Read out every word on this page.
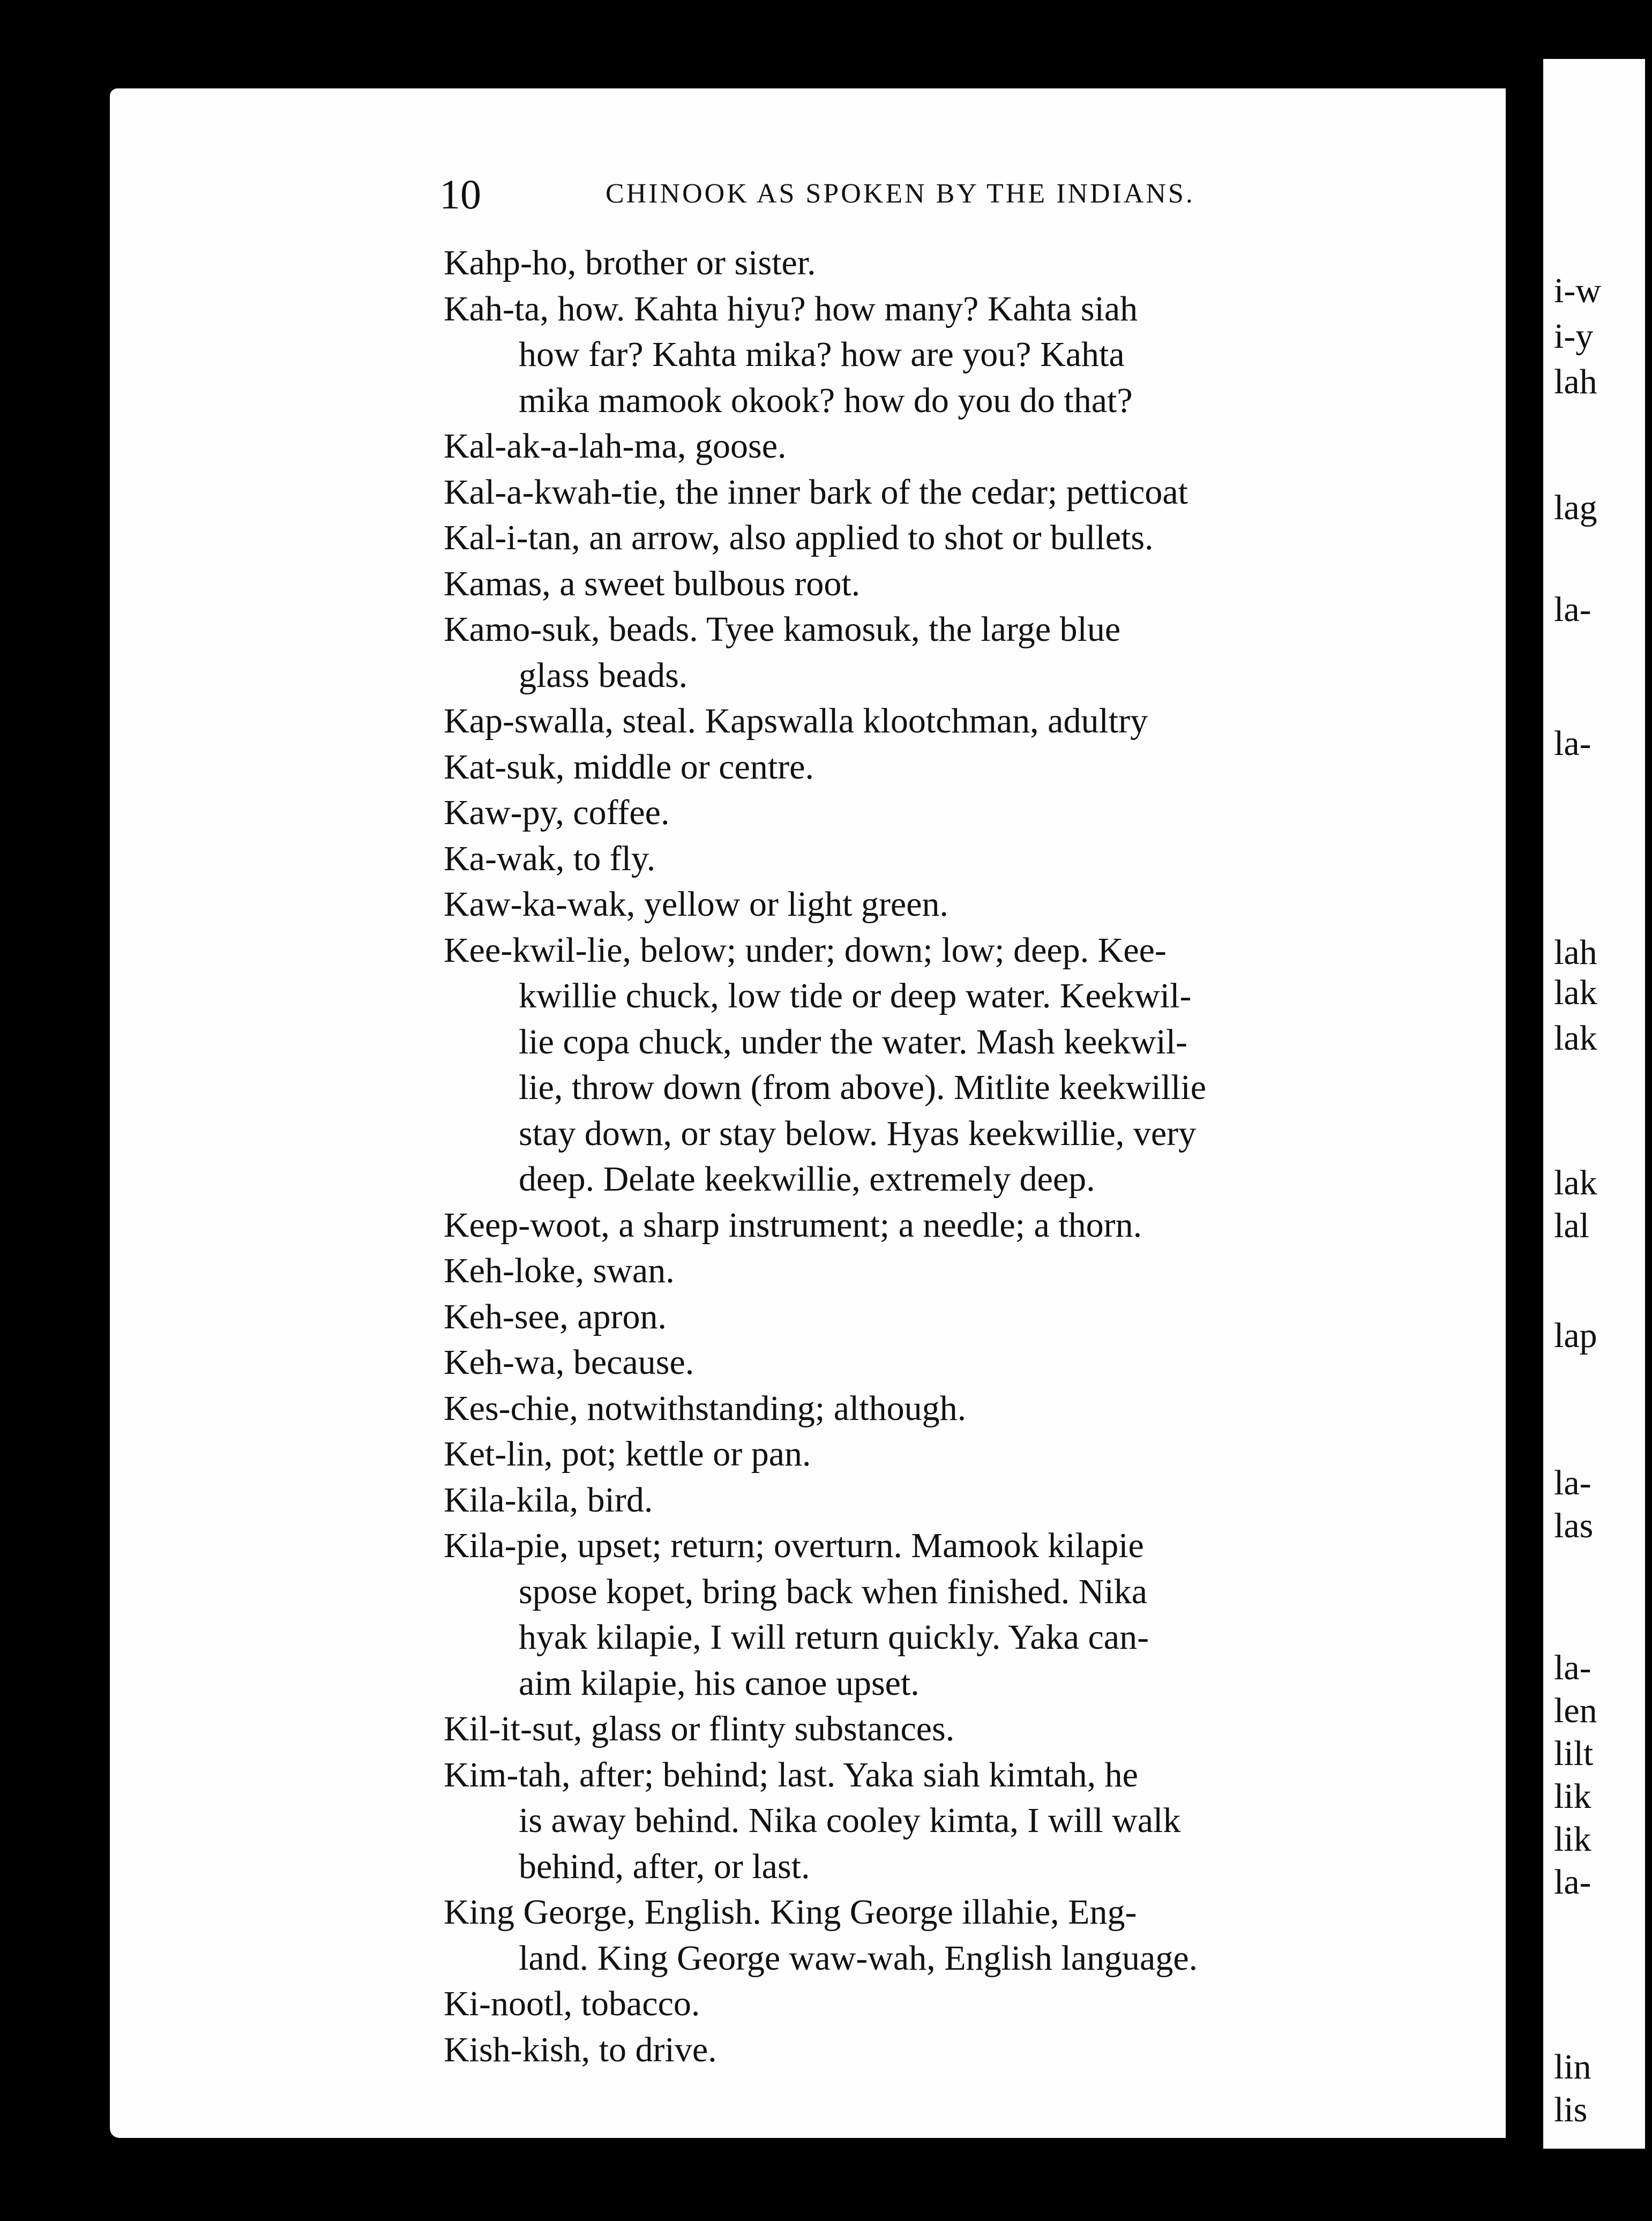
i-w
i-y
lah
lag
la-
la-
lah
lak
lak
lak
lal
lap
la-
las
la-
len
lilt
lik
lik
la-
lin
lis
10	CHINOOK AS SPOKEN BY THE INDIANS.
Kahp-ho, brother or sister.
Kah-ta, how. Kahta hiyu? how many? Kahta siah
how far? Kahta mika? how are you? Kahta
mika mamook okook? how do you do that?
Kal-ak-a-lah-ma, goose.
Kal-a-kwah-tie, the inner bark of the cedar; petticoat
Kal-i-tan, an arrow, also applied to shot or bullets.
Kamas, a sweet bulbous root.
Kamo-suk, beads. Tyee kamosuk, the large blue
glass beads.
Kap-swalla, steal. Kapswalla klootchman, adultry
Kat-suk, middle or centre.
Kaw-py, coffee.
Ka-wak, to fly.
Kaw-ka-wak, yellow or light green.
Kee-kwil-lie, below; under; down; low; deep. Kee-
kwillie chuck, low tide or deep water. Keekwil-
lie copa chuck, under the water. Mash keekwil-
lie, throw down (from above). Mitlite keekwillie
stay down, or stay below. Hyas keekwillie, very
deep. Delate keekwillie, extremely deep.
Keep-woot, a sharp instrument; a needle; a thorn.
Keh-loke, swan.
Keh-see, apron.
Keh-wa, because.
Kes-chie, notwithstanding; although.
Ket-lin, pot; kettle or pan.
Kila-kila, bird.
Kila-pie, upset; return; overturn. Mamook kilapie
spose kopet, bring back when finished. Nika
hyak kilapie, I will return quickly. Yaka can-
aim kilapie, his canoe upset.
Kil-it-sut, glass or flinty substances.
Kim-tah, after; behind; last. Yaka siah kimtah, he
is away behind. Nika cooley kimta, I will walk
behind, after, or last.
King George, English. King George illahie, Eng-
land. King George waw-wah, English language.
Ki-nootl, tobacco.
Kish-kish, to drive.
